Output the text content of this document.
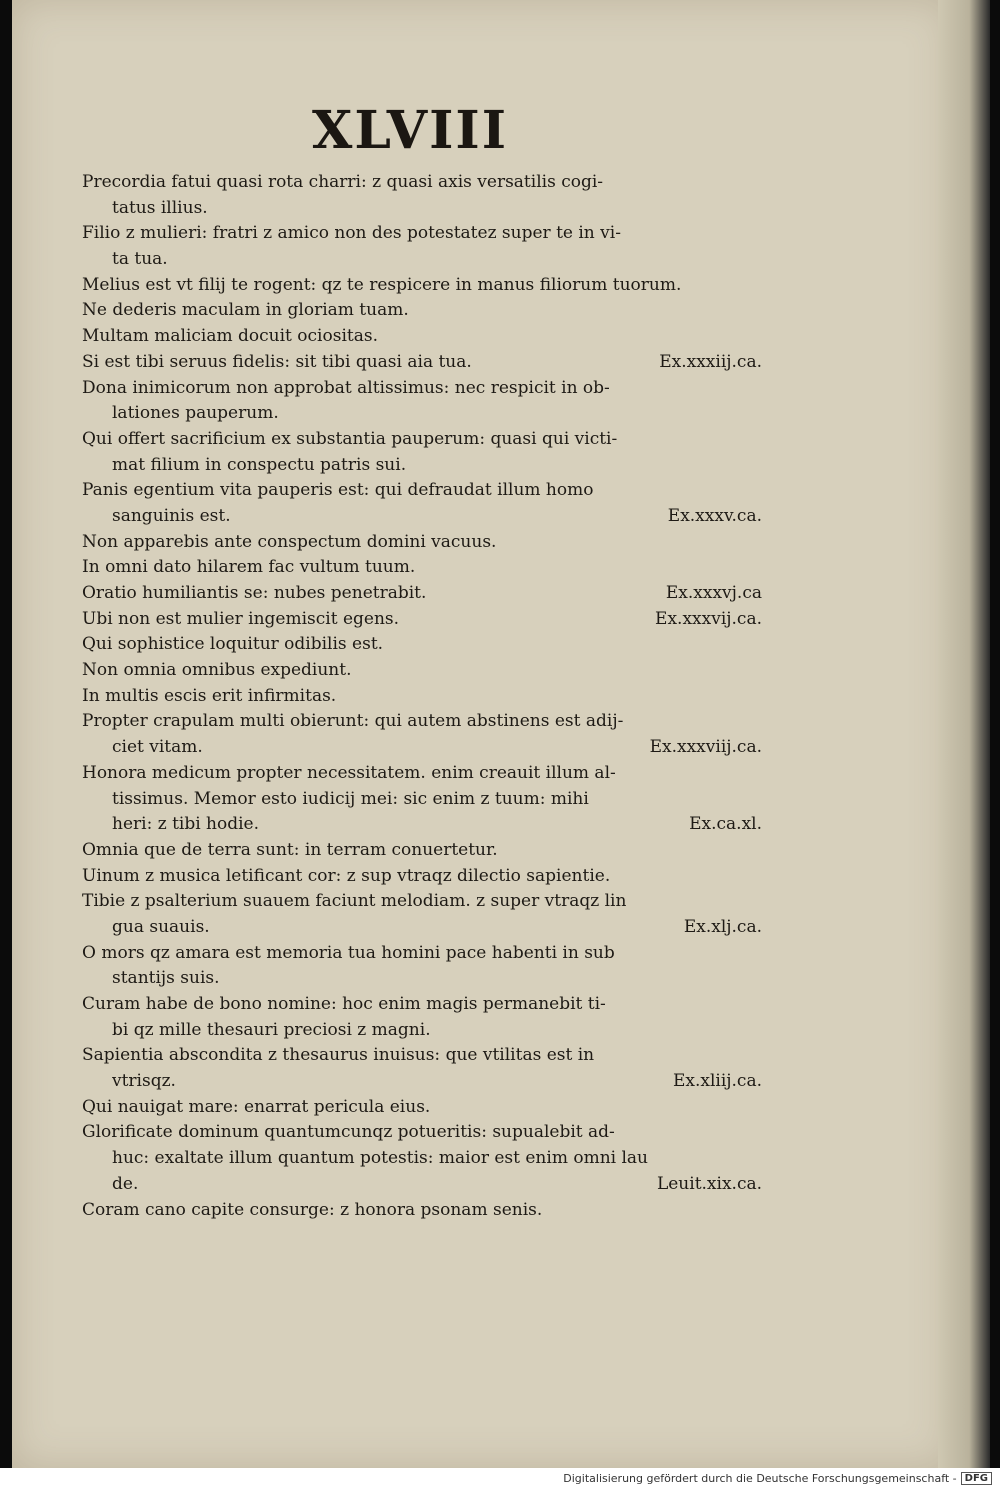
XLVIII
Precordia fatui quasi rota charri: z quasi axis versatilis cogi-
tatus illius.
Filio z mulieri: fratri z amico non des potestatez super te in vi-
ta tua.
Melius est vt filij te rogent: qz te respicere in manus filiorum tuorum.
Ne dederis maculam in gloriam tuam.
Multam maliciam docuit ociositas.
Si est tibi seruus fidelis: sit tibi quasi aia tua.	Ex.xxxiij.ca.
Dona inimicorum non approbat altissimus: nec respicit in ob-
lationes pauperum.
Qui offert sacrificium ex substantia pauperum: quasi qui victi-
mat filium in conspectu patris sui.
Panis egentium vita pauperis est: qui defraudat illum homo
sanguinis est.	Ex.xxxv.ca.
Non apparebis ante conspectum domini vacuus.
In omni dato hilarem fac vultum tuum.
Oratio humiliantis se: nubes penetrabit.	Ex.xxxvj.ca
Ubi non est mulier ingemiscit egens.	Ex.xxxvij.ca.
Qui sophistice loquitur odibilis est.
Non omnia omnibus expediunt.
In multis escis erit infirmitas.
Propter crapulam multi obierunt: qui autem abstinens est adij-
ciet vitam.	Ex.xxxviij.ca.
Honora medicum propter necessitatem. enim creauit illum al-
tissimus. Memor esto iudicij mei: sic enim z tuum: mihi
heri: z tibi hodie.	Ex.ca.xl.
Omnia que de terra sunt: in terram conuertetur.
Uinum z musica letificant cor: z sup vtraqz dilectio sapientie.
Tibie z psalterium suauem faciunt melodiam. z super vtraqz lin
gua suauis.	Ex.xlj.ca.
O mors qz amara est memoria tua homini pace habenti in sub
stantijs suis.
Curam habe de bono nomine: hoc enim magis permanebit ti-
bi qz mille thesauri preciosi z magni.
Sapientia abscondita z thesaurus inuisus: que vtilitas est in
vtrisqz.	Ex.xliij.ca.
Qui nauigat mare: enarrat pericula eius.
Glorificate dominum quantumcunqz potueritis: supualebit ad-
huc: exaltate illum quantum potestis: maior est enim omni lau
de.	Leuit.xix.ca.
Coram cano capite consurge: z honora psonam senis.
Digitalisierung gefördert durch die Deutsche Forschungsgemeinschaft - DFG
